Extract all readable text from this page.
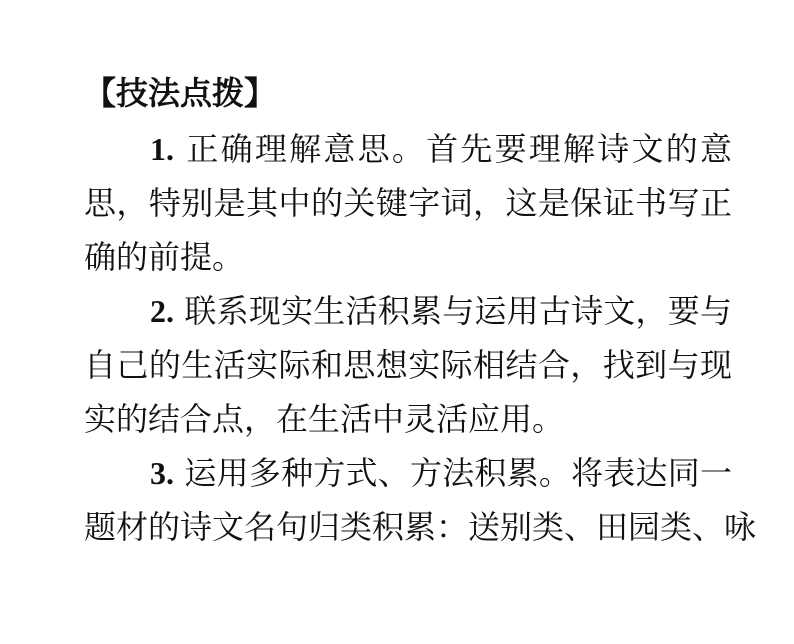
【技法点拨】
1. 正确理解意思。首先要理解诗文的意
思，特别是其中的关键字词，这是保证书写正
确的前提。
2. 联系现实生活积累与运用古诗文，要与
自己的生活实际和思想实际相结合，找到与现
实的结合点，在生活中灵活应用。
3. 运用多种方式、方法积累。将表达同一
题材的诗文名句归类积累：送别类、田园类、咏
